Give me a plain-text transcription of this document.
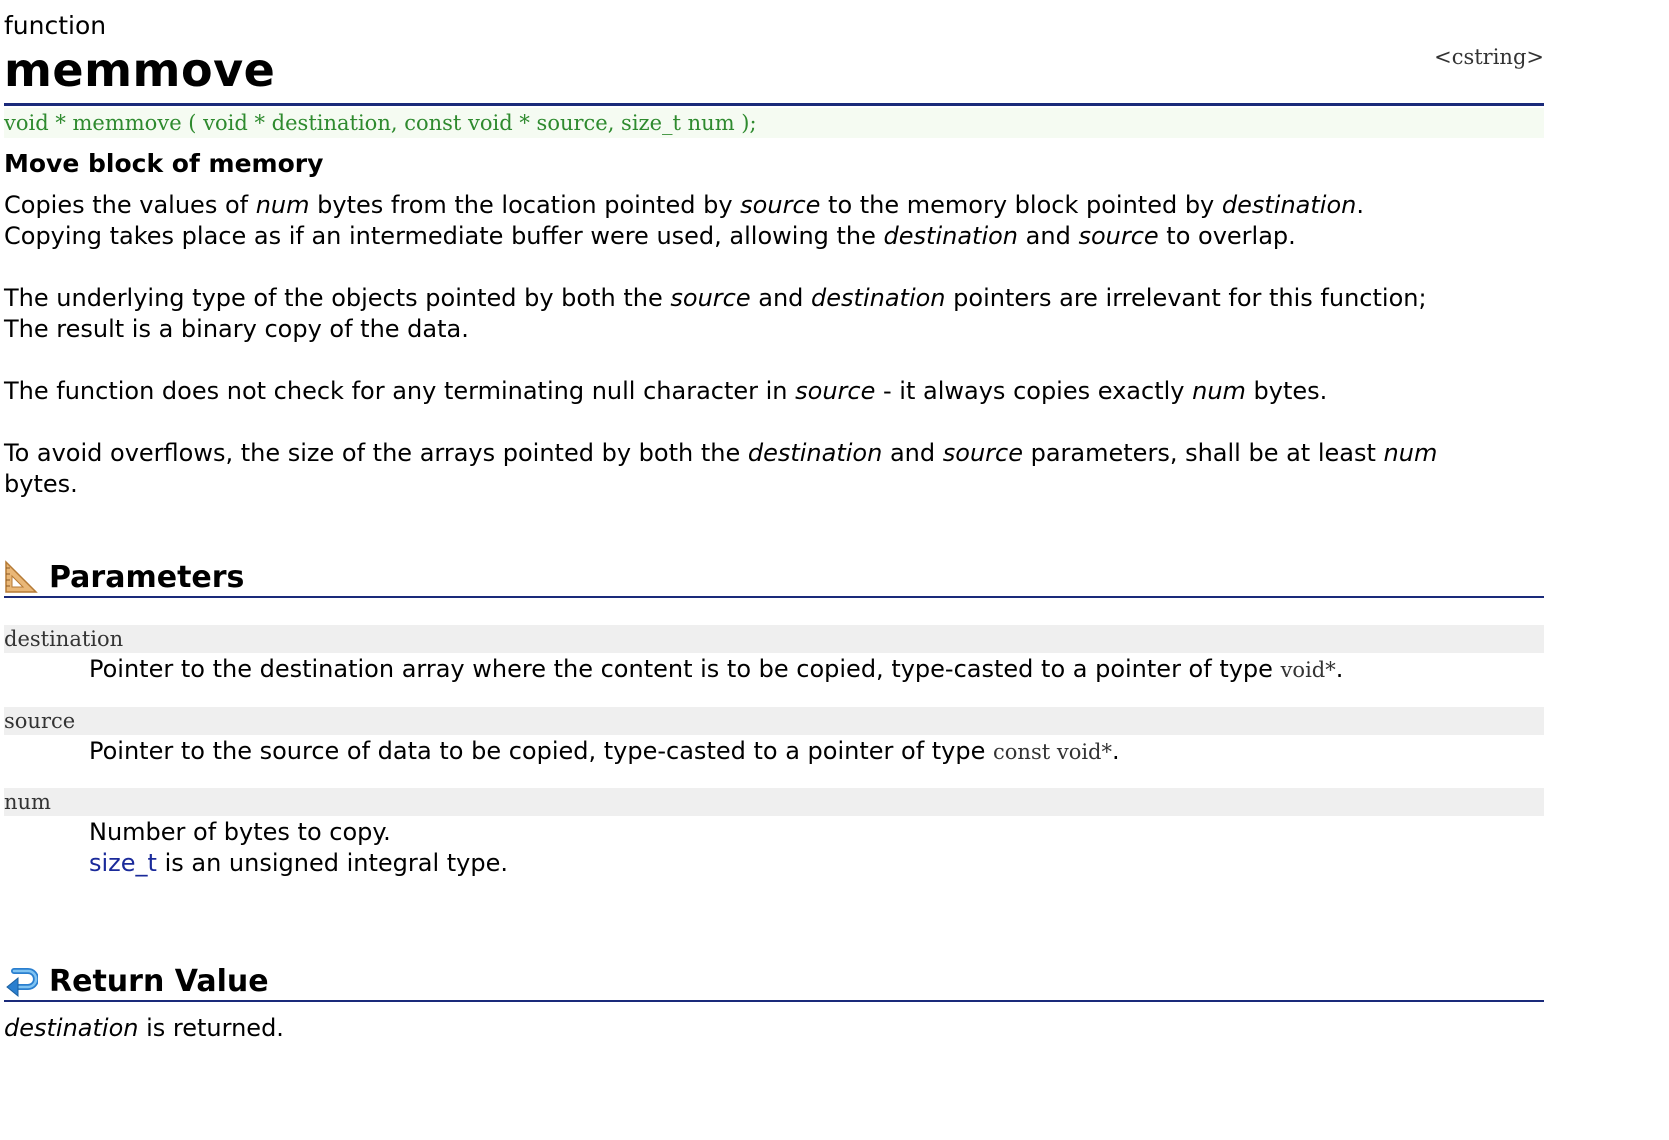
function
memmove	<cstring>
void * memmove ( void * destination, const void * source, size_t num );
Move block of memory

Copies the values of num bytes from the location pointed by source to the memory block pointed by destination.
Copying takes place as if an intermediate buffer were used, allowing the destination and source to overlap.

The underlying type of the objects pointed by both the source and destination pointers are irrelevant for this function;
The result is a binary copy of the data.

The function does not check for any terminating null character in source - it always copies exactly num bytes.

To avoid overflows, the size of the arrays pointed by both the destination and source parameters, shall be at least num
bytes.

Parameters
destination
Pointer to the destination array where the content is to be copied, type-casted to a pointer of type void*.
source
Pointer to the source of data to be copied, type-casted to a pointer of type const void*.
num
Number of bytes to copy.
size_t is an unsigned integral type.
Return Value
destination is returned.
